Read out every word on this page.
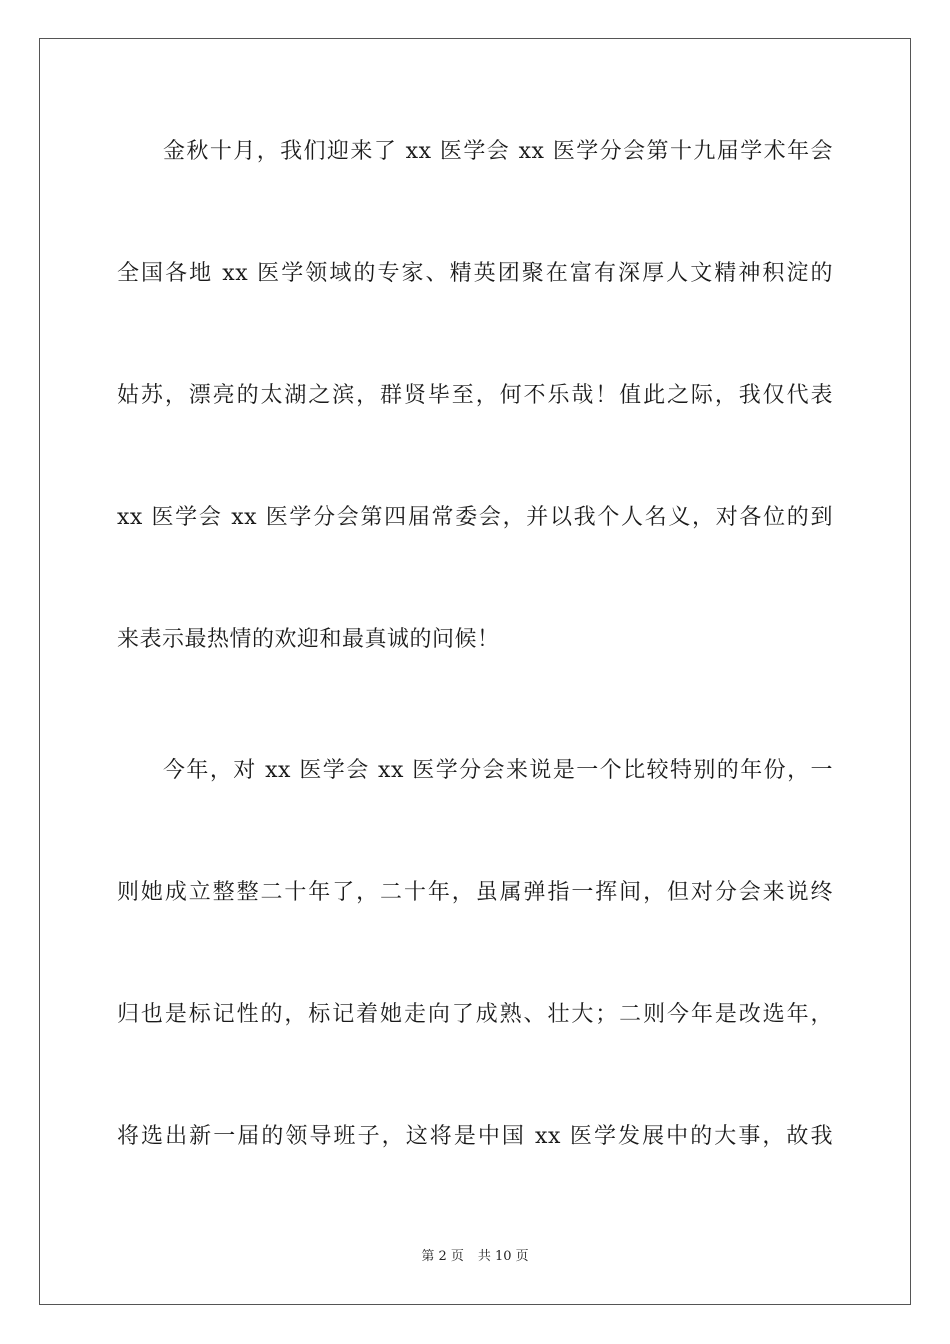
金秋十月，我们迎来了 xx 医学会 xx 医学分会第十九届学术年会
全国各地 xx 医学领域的专家、精英团聚在富有深厚人文精神积淀的
姑苏，漂亮的太湖之滨，群贤毕至，何不乐哉！值此之际，我仅代表
xx 医学会 xx 医学分会第四届常委会，并以我个人名义，对各位的到
来表示最热情的欢迎和最真诚的问候！
今年，对 xx 医学会 xx 医学分会来说是一个比较特别的年份，一
则她成立整整二十年了，二十年，虽属弹指一挥间，但对分会来说终
归也是标记性的，标记着她走向了成熟、壮大；二则今年是改选年，
将选出新一届的领导班子，这将是中国 xx 医学发展中的大事，故我
第 2 页 共 10 页
